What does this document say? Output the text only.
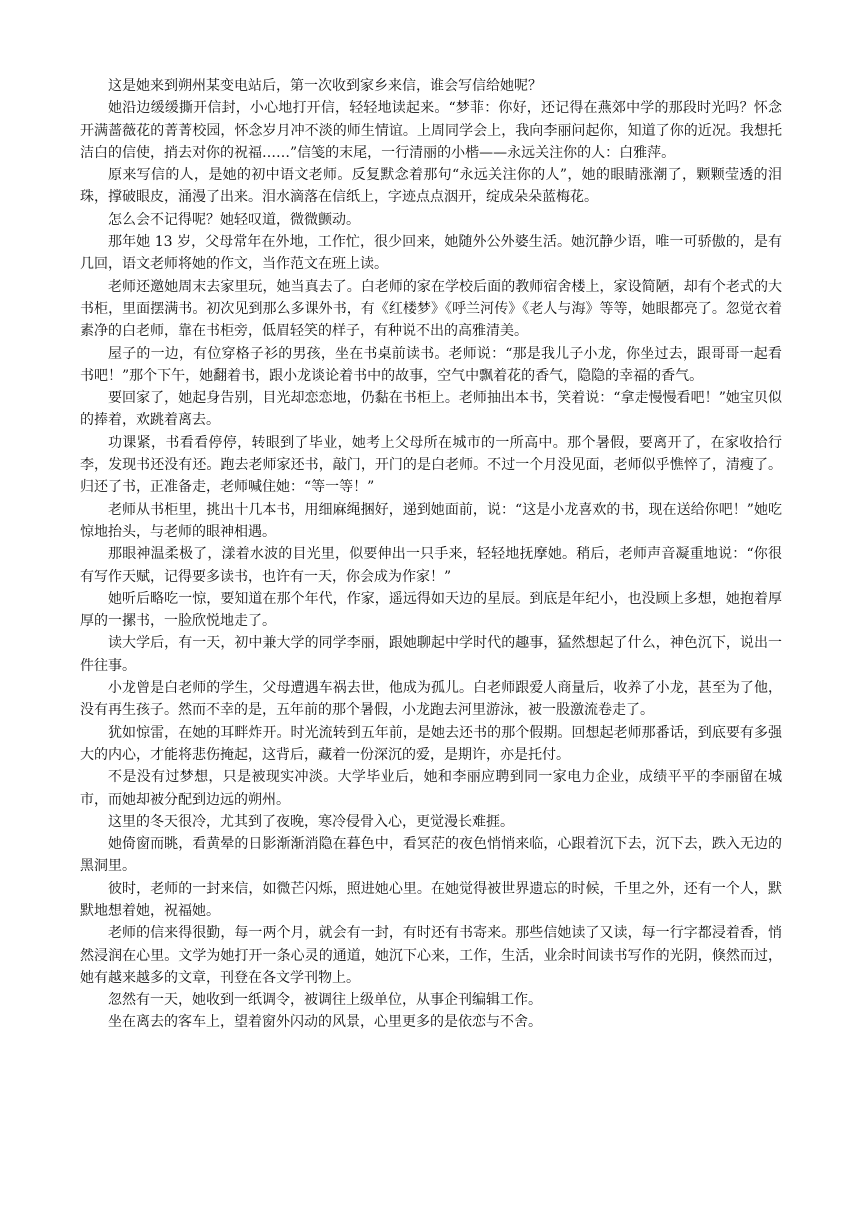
这是她来到朔州某变电站后，第一次收到家乡来信，谁会写信给她呢？

她沿边缓缓撕开信封，小心地打开信，轻轻地读起来。“梦菲：你好，还记得在燕郊中学的那段时光吗？怀念开满蔷薇花的菁菁校园，怀念岁月冲不淡的师生情谊。上周同学会上，我向李丽问起你，知道了你的近况。我想托洁白的信使，捎去对你的祝福……”信笺的末尾，一行清丽的小楷——永远关注你的人：白雅萍。

原来写信的人，是她的初中语文老师。反复默念着那句“永远关注你的人”，她的眼睛涨潮了，颗颗莹透的泪珠，撑破眼皮，涌漫了出来。泪水滴落在信纸上，字迹点点洇开，绽成朵朵蓝梅花。

怎么会不记得呢？她轻叹道，微微颤动。

那年她 13 岁，父母常年在外地，工作忙，很少回来，她随外公外婆生活。她沉静少语，唯一可骄傲的，是有几回，语文老师将她的作文，当作范文在班上读。

老师还邀她周末去家里玩，她当真去了。白老师的家在学校后面的教师宿舍楼上，家设简陋，却有个老式的大书柜，里面摆满书。初次见到那么多课外书，有《红楼梦》《呼兰河传》《老人与海》等等，她眼都亮了。忽觉衣着素净的白老师，靠在书柜旁，低眉轻笑的样子，有种说不出的高雅清美。

屋子的一边，有位穿格子衫的男孩，坐在书桌前读书。老师说：“那是我儿子小龙，你坐过去，跟哥哥一起看书吧！”那个下午，她翻着书，跟小龙谈论着书中的故事，空气中飘着花的香气，隐隐的幸福的香气。

要回家了，她起身告别，目光却恋恋地，仍黏在书柜上。老师抽出本书，笑着说：“拿走慢慢看吧！”她宝贝似的捧着，欢跳着离去。

功课紧，书看看停停，转眼到了毕业，她考上父母所在城市的一所高中。那个暑假，要离开了，在家收拾行李，发现书还没有还。跑去老师家还书，敲门，开门的是白老师。不过一个月没见面，老师似乎憔悴了，清瘦了。归还了书，正准备走，老师喊住她：“等一等！”

老师从书柜里，挑出十几本书，用细麻绳捆好，递到她面前，说：“这是小龙喜欢的书，现在送给你吧！”她吃惊地抬头，与老师的眼神相遇。

那眼神温柔极了，漾着水波的目光里，似要伸出一只手来，轻轻地抚摩她。稍后，老师声音凝重地说：“你很有写作天赋，记得要多读书，也许有一天，你会成为作家！”

她听后略吃一惊，要知道在那个年代，作家，遥远得如天边的星辰。到底是年纪小，也没顾上多想，她抱着厚厚的一摞书，一脸欣悦地走了。

读大学后，有一天，初中兼大学的同学李丽，跟她聊起中学时代的趣事，猛然想起了什么，神色沉下，说出一件往事。

小龙曾是白老师的学生，父母遭遇车祸去世，他成为孤儿。白老师跟爱人商量后，收养了小龙，甚至为了他，没有再生孩子。然而不幸的是，五年前的那个暑假，小龙跑去河里游泳，被一股激流卷走了。

犹如惊雷，在她的耳畔炸开。时光流转到五年前，是她去还书的那个假期。回想起老师那番话，到底要有多强大的内心，才能将悲伤掩起，这背后，藏着一份深沉的爱，是期许，亦是托付。

不是没有过梦想，只是被现实冲淡。大学毕业后，她和李丽应聘到同一家电力企业，成绩平平的李丽留在城市，而她却被分配到边远的朔州。

这里的冬天很冷，尤其到了夜晚，寒冷侵骨入心，更觉漫长难捱。

她倚窗而眺，看黄晕的日影渐渐消隐在暮色中，看冥茫的夜色悄悄来临，心跟着沉下去，沉下去，跌入无边的黑洞里。

彼时，老师的一封来信，如微芒闪烁，照进她心里。在她觉得被世界遗忘的时候，千里之外，还有一个人，默默地想着她，祝福她。

老师的信来得很勤，每一两个月，就会有一封，有时还有书寄来。那些信她读了又读，每一行字都浸着香，悄然浸润在心里。文学为她打开一条心灵的通道，她沉下心来，工作，生活，业余时间读书写作的光阴，倏然而过，她有越来越多的文章，刊登在各文学刊物上。

忽然有一天，她收到一纸调令，被调往上级单位，从事企刊编辑工作。

坐在离去的客车上，望着窗外闪动的风景，心里更多的是依恋与不舍。
